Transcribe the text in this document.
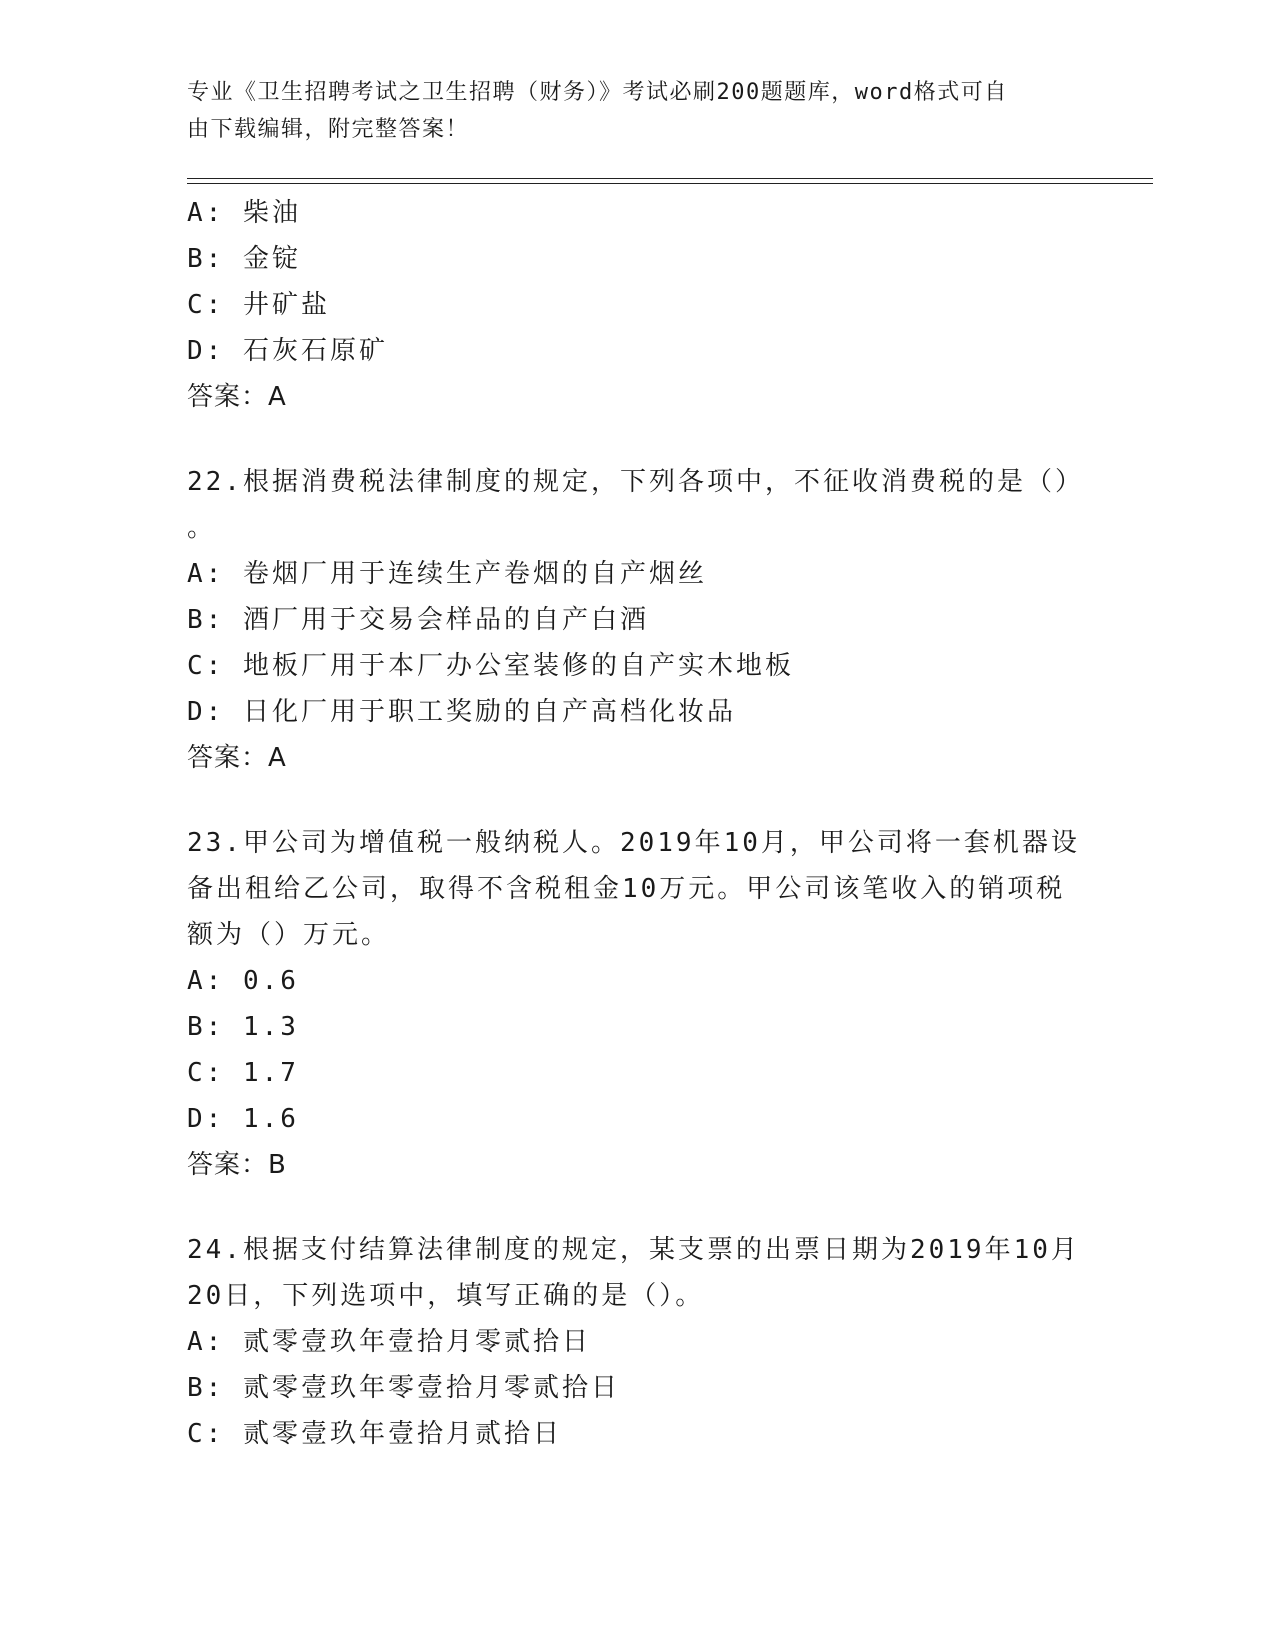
专业《卫生招聘考试之卫生招聘（财务）》考试必刷200题题库，word格式可自
由下载编辑，附完整答案！
A: 柴油
B: 金锭
C: 井矿盐
D: 石灰石原矿
答案：A
22.根据消费税法律制度的规定，下列各项中，不征收消费税的是（）
。
A: 卷烟厂用于连续生产卷烟的自产烟丝
B: 酒厂用于交易会样品的自产白酒
C: 地板厂用于本厂办公室装修的自产实木地板
D: 日化厂用于职工奖励的自产高档化妆品
答案：A
23.甲公司为增值税一般纳税人。2019年10月，甲公司将一套机器设
备出租给乙公司，取得不含税租金10万元。甲公司该笔收入的销项税
额为（）万元。
A: 0.6
B: 1.3
C: 1.7
D: 1.6
答案：B
24.根据支付结算法律制度的规定，某支票的出票日期为2019年10月
20日，下列选项中，填写正确的是（）。
A: 贰零壹玖年壹拾月零贰拾日
B: 贰零壹玖年零壹拾月零贰拾日
C: 贰零壹玖年壹拾月贰拾日
